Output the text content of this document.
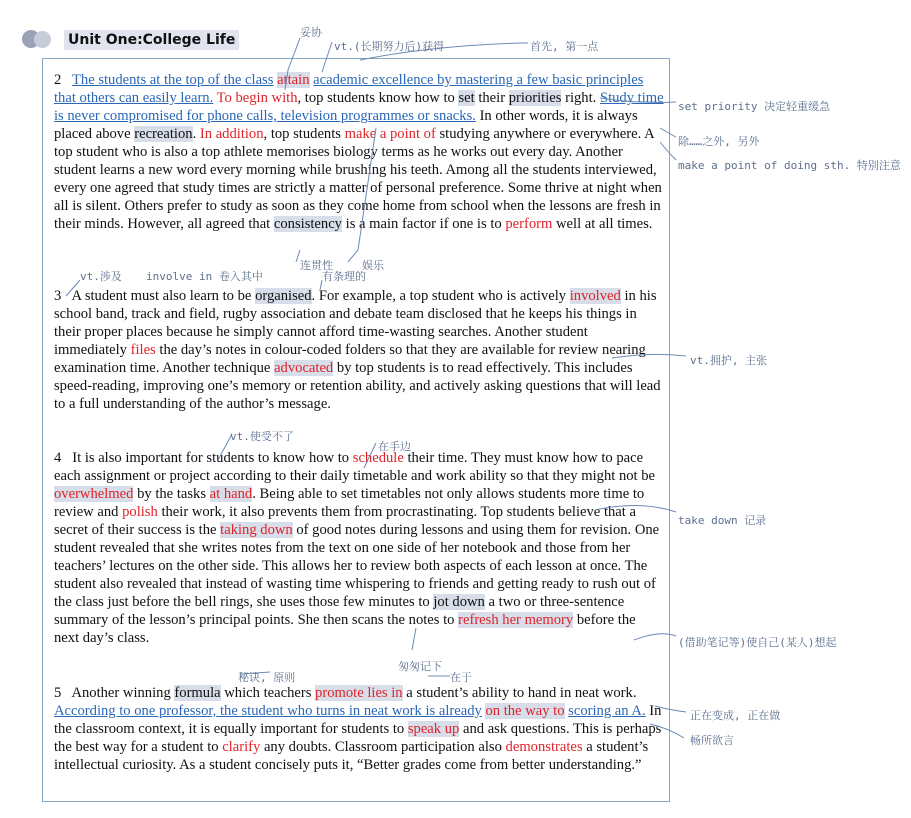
Unit One:College Life

2 The students at the top of the class attain academic excellence by mastering a few basic principles that others can easily learn. To begin with, top students know how to set their priorities right. Study time is never compromised for phone calls, television programmes or snacks. In other words, it is always placed above recreation. In addition, top students make a point of studying anywhere or everywhere. A top student who is also a top athlete memorises biology terms as he works out every day. Another student learns a new word every morning while brushing his teeth. Among all the students interviewed, every one agreed that study times are strictly a matter of personal preference. Some thrive at night when all is silent. Others prefer to study as soon as they come home from school when the lessons are fresh in their minds. However, all agreed that consistency is a main factor if one is to perform well at all times.

3 A student must also learn to be organised. For example, a top student who is actively involved in his school band, track and field, rugby association and debate team disclosed that he keeps his things in their proper places because he simply cannot afford time-wasting searches. Another student immediately files the day’s notes in colour-coded folders so that they are available for review nearing examination time. Another technique advocated by top students is to read effectively. This includes speed-reading, improving one’s memory or retention ability, and actively asking questions that will lead to a full understanding of the author’s message.

4 It is also important for students to know how to schedule their time. They must know how to pace each assignment or project according to their daily timetable and work ability so that they might not be overwhelmed by the tasks at hand. Being able to set timetables not only allows students more time to review and polish their work, it also prevents them from procrastinating. Top students believe that a secret of their success is the taking down of good notes during lessons and using them for revision. One student revealed that she writes notes from the text on one side of her notebook and those from her teachers’ lectures on the other side. This allows her to review both aspects of each lesson at once. The student also revealed that instead of wasting time whispering to friends and getting ready to rush out of the class just before the bell rings, she uses those few minutes to jot down a two or three-sentence summary of the lesson’s principal points. She then scans the notes to refresh her memory before the next day’s class.

5 Another winning formula which teachers promote lies in a student’s ability to hand in neat work. According to one professor, the student who turns in neat work is already on the way to scoring an A. In the classroom context, it is equally important for students to speak up and ask questions. This is perhaps the best way for a student to clarify any doubts. Classroom participation also demonstrates a student’s intellectual curiosity. As a student concisely puts it, “Better grades come from better understanding.”

妥协
vt.(长期努力后)获得	首先, 第一点
set priority 决定轻重缓急
除……之外, 另外
make a point of doing sth. 特别注意
连贯性	娱乐
vt.涉及 involve in 卷入其中	有条理的
vt.拥护, 主张
vt.使受不了
在手边
take down 记录
(借助笔记等)使自己(某人)想起
匆匆记下
秘诀, 原则	在于
正在变成, 正在做
畅所欲言
